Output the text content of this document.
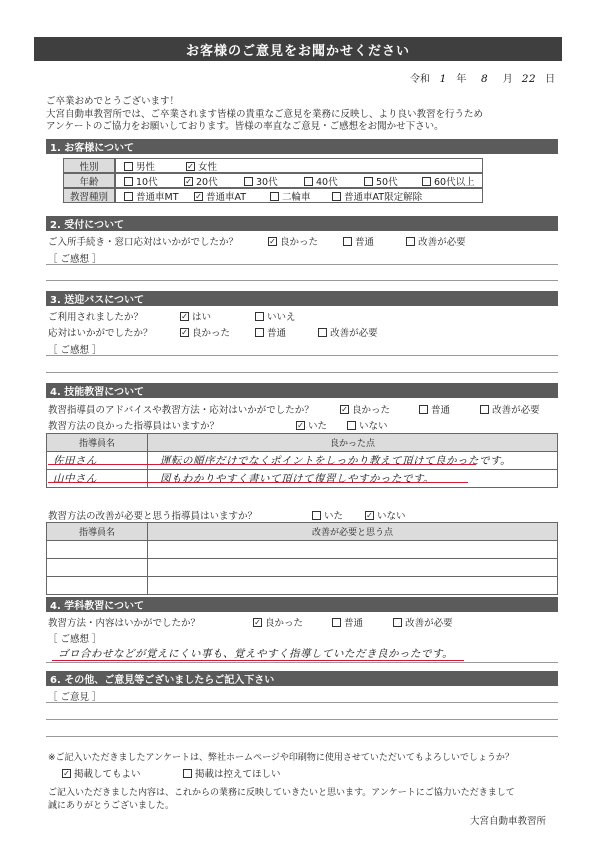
お客様のご意見をお聞かせください
令和 1 年 8 月 22 日
ご卒業おめでとうございます！
大宮自動車教習所では、ご卒業されます皆様の貴重なご意見を業務に反映し、より良い教習を行うため
アンケートのご協力をお願いしております。皆様の率直なご意見・ご感想をお聞かせ下さい。
1. お客様について
性別	男性	✓ 女性
年齢	10代	✓ 20代	30代	40代	50代	60代以上
教習種別	普通車MT	✓ 普通車AT	二輪車	普通車AT限定解除
2. 受付について
ご入所手続き・窓口応対はいかがでしたか？	✓ 良かった	普通	改善が必要
［ ご感想 ］
3. 送迎バスについて
ご利用されましたか？	✓ はい	いいえ
応対はいかがでしたか？	✓ 良かった	普通	改善が必要
［ ご感想 ］
4. 技能教習について
教習指導員のアドバイスや教習方法・応対はいかがでしたか？	✓ 良かった	普通	改善が必要
教習方法の良かった指導員はいますか？	✓ いた	いない
指導員名	良かった点
佐田さん	運転の順序だけでなくポイントをしっかり教えて頂けて良かったです。
山中さん	図もわかりやすく書いて頂けて復習しやすかったです。
教習方法の改善が必要と思う指導員はいますか？	いた	✓ いない
指導員名	改善が必要と思う点

4. 学科教習について
教習方法・内容はいかがでしたか？	✓ 良かった	普通	改善が必要
［ ご感想 ］
ゴロ合わせなどが覚えにくい事も、覚えやすく指導していただき良かったです。
6. その他、ご意見等ございましたらご記入下さい
［ ご意見 ］
※ご記入いただきましたアンケートは、弊社ホームページや印刷物に使用させていただいてもよろしいでしょうか？
✓ 掲載してもよい	掲載は控えてほしい
ご記入いただきました内容は、これからの業務に反映していきたいと思います。アンケートにご協力いただきまして
誠にありがとうございました。
大宮自動車教習所
